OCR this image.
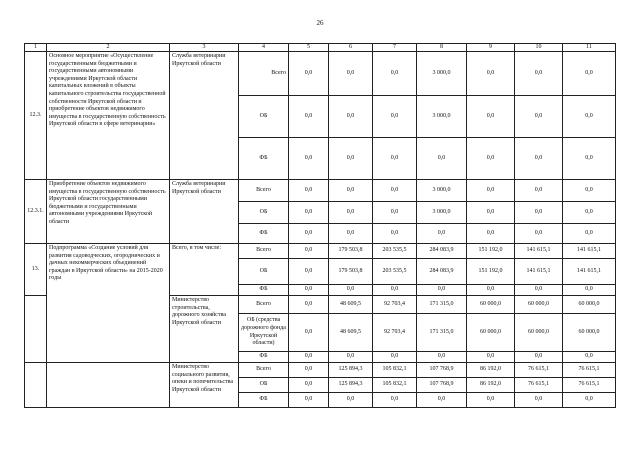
26
1	2	3	4	5	6	7	8	9	10	11
12.3.	Основное мероприятие «Осуществление государственными бюджетными и государственными автономными учреждениями Иркутской области капитальных вложений в объекты капитального строительства государственной собственности Иркутской области и приобретение объектов недвижимого имущества в государственную собственность Иркутской области в сфере ветеринарии»	Служба ветеринарии Иркутской области	Всего	0,0	0,0	0,0	3 000,0	0,0	0,0	0,0
			ОБ	0,0	0,0	0,0	3 000,0	0,0	0,0	0,0
			ФБ	0,0	0,0	0,0	0,0	0,0	0,0	0,0
12.3.1.	Приобретение объектов недвижимого имущества в государственную собственность Иркутской области государственными бюджетными и государственными автономными учреждениями Иркутской области	Служба ветеринарии Иркутской области	Всего	0,0	0,0	0,0	3 000,0	0,0	0,0	0,0
			ОБ	0,0	0,0	0,0	3 000,0	0,0	0,0	0,0
			ФБ	0,0	0,0	0,0	0,0	0,0	0,0	0,0
13.	Подпрограмма «Создание условий для развития садоводческих, огороднических и дачных некоммерческих объединений граждан в Иркутской области» на 2015-2020 годы	Всего, в том числе:	Всего	0,0	179 503,8	203 535,5	284 083,9	151 192,0	141 615,1	141 615,1
			ОБ	0,0	179 503,8	203 535,5	284 083,9	151 192,0	141 615,1	141 615,1
			ФБ	0,0	0,0	0,0	0,0	0,0	0,0	0,0
		Министерство строительства, дорожного хозяйства Иркутской области	Всего	0,0	48 609,5	92 703,4	171 315,0	60 000,0	60 000,0	60 000,0
			ОБ (средства дорожного фонда Иркутской области)	0,0	48 609,5	92 703,4	171 315,0	60 000,0	60 000,0	60 000,0
			ФБ	0,0	0,0	0,0	0,0	0,0	0,0	0,0
		Министерство социального развития, опеки и попечительства Иркутской области	Всего	0,0	125 894,3	105 832,1	107 768,9	86 192,0	76 615,1	76 615,1
			ОБ	0,0	125 894,3	105 832,1	107 768,9	86 192,0	76 615,1	76 615,1
			ФБ	0,0	0,0	0,0	0,0	0,0	0,0	0,0
